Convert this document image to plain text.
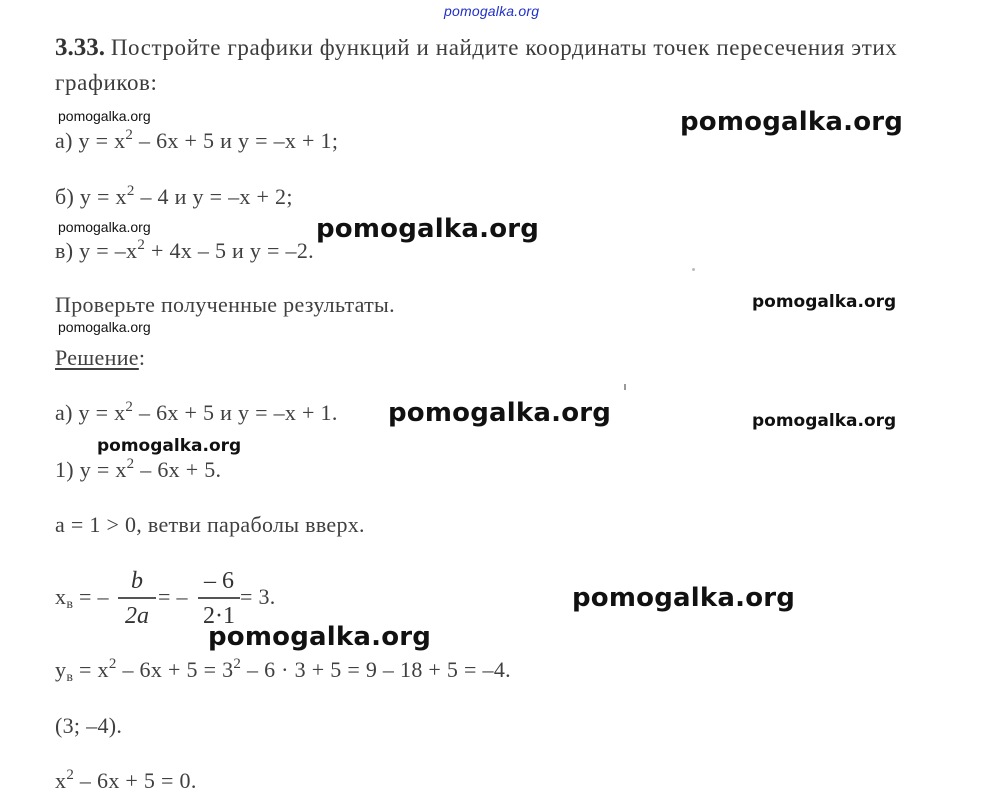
pomogalka.org
3.33. Постройте графики функций и найдите координаты точек пересечения этих
графиков:
pomogalka.org
а) $y = x^2 - 6x + 5$ и y = –x + 1;
pomogalka.org
б) $y = x^2 - 4$ и y = –x + 2;
pomogalka.org	pomogalka.org
в) $y = -x^2 + 4x - 5$ и y = –2.
Проверьте полученные результаты.	pomogalka.org
pomogalka.org
Решение:
а) $y = x^2 - 6x + 5$ и y = –x + 1. pomogalka.org	pomogalka.org
pomogalka.org
1) $y = x^2 - 6x + 5$.
a = 1 > 0, ветви параболы вверх.
$x_в$ = –
b
2a
= –
– 6
2·1
= 3.	pomogalka.org
pomogalka.org
$y_в = x^2 - 6x + 5 = 3^2 - 6 \cdot 3 + 5 = 9 - 18 + 5 = -4$.
(3; –4).
$x^2 - 6x + 5 = 0$.
